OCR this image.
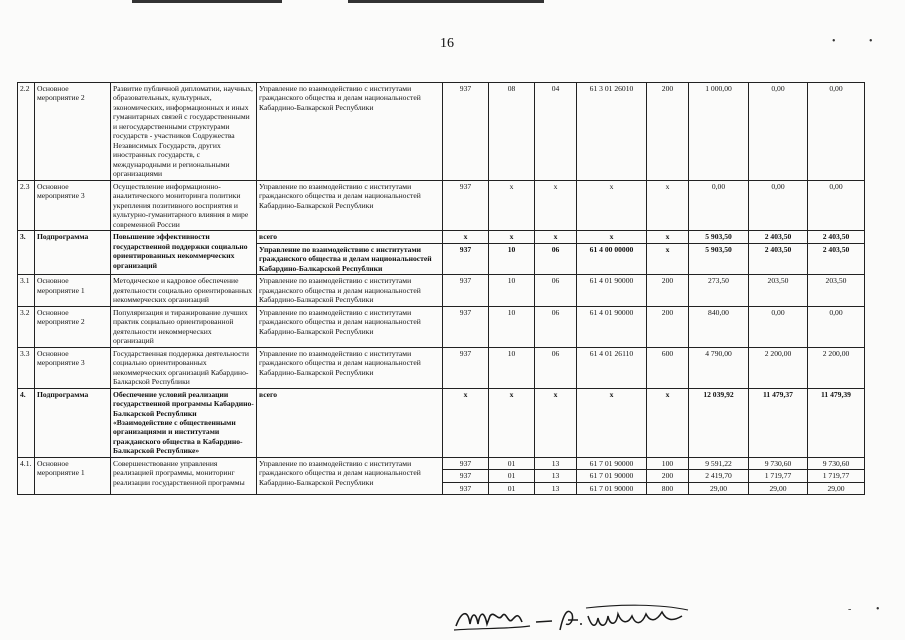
16	•	•
2.2	Основное мероприятие 2	Развитие публичной дипломатии, научных, образовательных, культурных, экономических, информационных и иных гуманитарных связей с государственными и негосударственными структурами государств - участников Содружества Независимых Государств, других иностранных государств, с международными и региональными организациями	Управление по взаимодействию с институтами гражданского общества и делам национальностей Кабардино-Балкарской Республики	937	08	04	61 3 01 26010	200	1 000,00	0,00	0,00
2.3	Основное мероприятие 3	Осуществление информационно-аналитического мониторинга политики укрепления позитивного восприятия и культурно-гуманитарного влияния в мире современной России	Управление по взаимодействию с институтами гражданского общества и делам национальностей Кабардино-Балкарской Республики	937	x	x	x	x	0,00	0,00	0,00
3.	Подпрограмма	Повышение эффективности государственной поддержки социально ориентированных некоммерческих организаций	всего	x	x	x	x	x	5 903,50	2 403,50	2 403,50
			Управление по взаимодействию с институтами гражданского общества и делам национальностей Кабардино-Балкарской Республики	937	10	06	61 4 00 00000	x	5 903,50	2 403,50	2 403,50
3.1	Основное мероприятие 1	Методическое и кадровое обеспечение деятельности социально ориентированных некоммерческих организаций	Управление по взаимодействию с институтами гражданского общества и делам национальностей Кабардино-Балкарской Республики	937	10	06	61 4 01 90000	200	273,50	203,50	203,50
3.2	Основное мероприятие 2	Популяризация и тиражирование лучших практик социально ориентированной деятельности некоммерческих организаций	Управление по взаимодействию с институтами гражданского общества и делам национальностей Кабардино-Балкарской Республики	937	10	06	61 4 01 90000	200	840,00	0,00	0,00
3.3	Основное мероприятие 3	Государственная поддержка деятельности социально ориентированных некоммерческих организаций Кабардино-Балкарской Республики	Управление по взаимодействию с институтами гражданского общества и делам национальностей Кабардино-Балкарской Республики	937	10	06	61 4 01 26110	600	4 790,00	2 200,00	2 200,00
4.	Подпрограмма	Обеспечение условий реализации государственной программы Кабардино-Балкарской Республики «Взаимодействие с общественными организациями и институтами гражданского общества в Кабардино-Балкарской Республике»	всего	x	x	x	x	x	12 039,92	11 479,37	11 479,39
4.1.	Основное мероприятие 1	Совершенствование управления реализацией программы, мониторинг реализации государственной программы	Управление по взаимодействию с институтами гражданского общества и делам национальностей Кабардино-Балкарской Республики	937	01	13	61 7 01 90000	100	9 591,22	9 730,60	9 730,60
				937	01	13	61 7 01 90000	200	2 419,70	1 719,77	1 719,77
				937	01	13	61 7 01 90000	800	29,00	29,00	29,00
- •
